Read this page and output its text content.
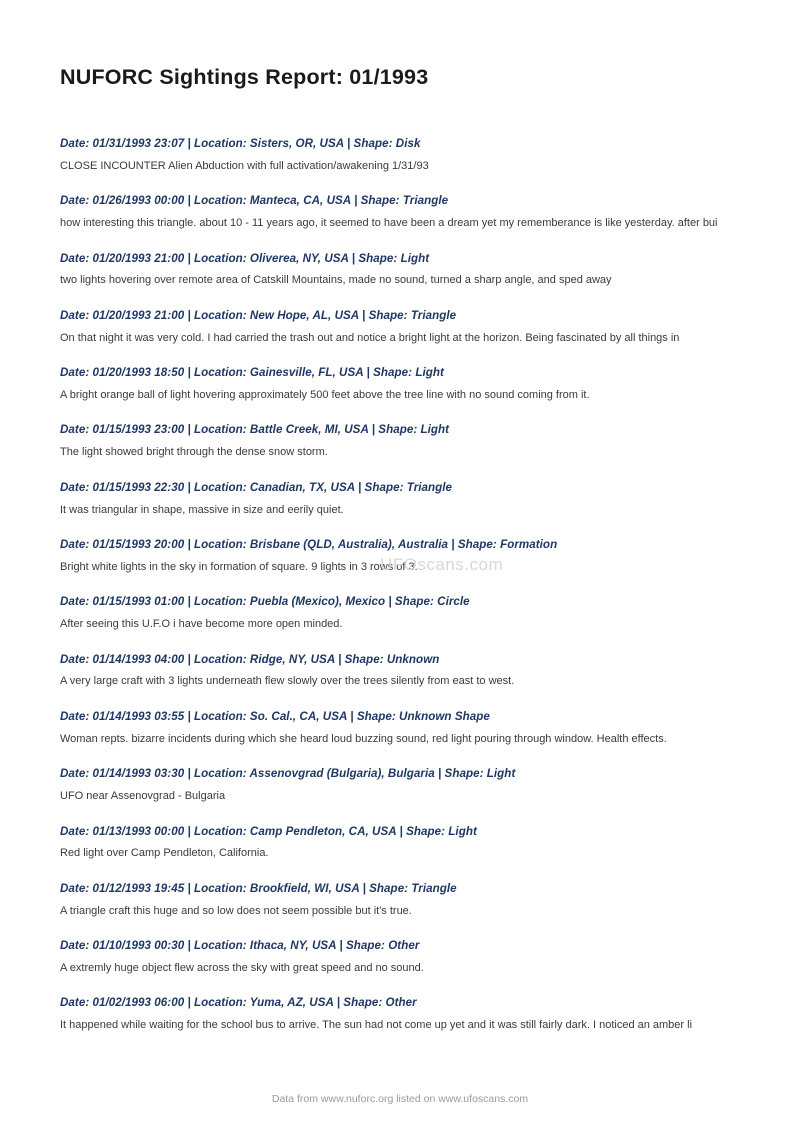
NUFORC Sightings Report: 01/1993
Date: 01/31/1993 23:07 | Location: Sisters, OR, USA | Shape: Disk
CLOSE INCOUNTER Alien Abduction with full activation/awakening 1/31/93
Date: 01/26/1993 00:00 | Location: Manteca, CA, USA | Shape: Triangle
how interesting this triangle. about 10 - 11 years ago, it seemed to have been a dream yet my rememberance is like yesterday. after bui
Date: 01/20/1993 21:00 | Location: Oliverea, NY, USA | Shape: Light
two lights hovering over remote area of Catskill Mountains, made no sound, turned a sharp angle, and sped away
Date: 01/20/1993 21:00 | Location: New Hope, AL, USA | Shape: Triangle
On that night it was very cold. I had carried the trash out and notice a bright light at the horizon. Being fascinated by all things in
Date: 01/20/1993 18:50 | Location: Gainesville, FL, USA | Shape: Light
A bright orange ball of light hovering approximately 500 feet above the tree line with no sound coming from it.
Date: 01/15/1993 23:00 | Location: Battle Creek, MI, USA | Shape: Light
The light showed bright through the dense snow storm.
Date: 01/15/1993 22:30 | Location: Canadian, TX, USA | Shape: Triangle
It was triangular in shape, massive in size and eerily quiet.
Date: 01/15/1993 20:00 | Location: Brisbane (QLD, Australia), Australia | Shape: Formation
Bright white lights in the sky in formation of square. 9 lights in 3 rows of 3.
Date: 01/15/1993 01:00 | Location: Puebla (Mexico), Mexico | Shape: Circle
After seeing this U.F.O i have become more open minded.
Date: 01/14/1993 04:00 | Location: Ridge, NY, USA | Shape: Unknown
A very large craft with 3 lights underneath flew slowly over the trees silently from east to west.
Date: 01/14/1993 03:55 | Location: So. Cal., CA, USA | Shape: Unknown Shape
Woman repts. bizarre incidents during which she heard loud buzzing sound, red light pouring through window. Health effects.
Date: 01/14/1993 03:30 | Location: Assenovgrad (Bulgaria), Bulgaria | Shape: Light
UFO near Assenovgrad - Bulgaria
Date: 01/13/1993 00:00 | Location: Camp Pendleton, CA, USA | Shape: Light
Red light over Camp Pendleton, California.
Date: 01/12/1993 19:45 | Location: Brookfield, WI, USA | Shape: Triangle
A triangle craft this huge and so low does not seem possible but it's true.
Date: 01/10/1993 00:30 | Location: Ithaca, NY, USA | Shape: Other
A extremly huge object flew across the sky with great speed and no sound.
Date: 01/02/1993 06:00 | Location: Yuma, AZ, USA | Shape: Other
It happened while waiting for the school bus to arrive. The sun had not come up yet and it was still fairly dark. I noticed an amber li
UFOscans.com
Data from www.nuforc.org listed on www.ufoscans.com
